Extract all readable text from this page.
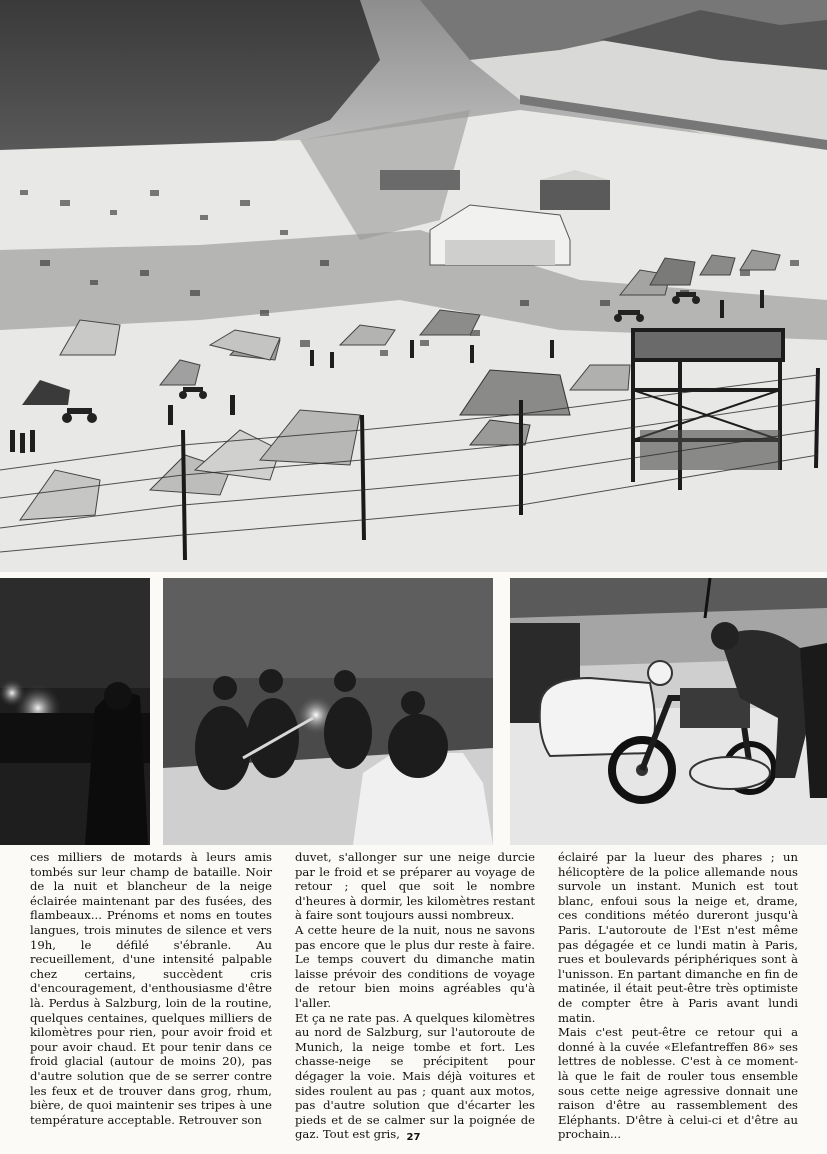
ces milliers de motards à leurs amis tombés sur leur champ de bataille. Noir de la nuit et blancheur de la neige éclairée maintenant par des fusées, des flambeaux... Prénoms et noms en toutes langues, trois minutes de silence et vers 19h, le défilé s'ébranle. Au recueillement, d'une intensité palpable chez certains, succèdent cris d'encouragement, d'enthousiasme d'être là. Perdus à Salzburg, loin de la routine, quelques centaines, quelques milliers de kilomètres pour rien, pour avoir froid et pour avoir chaud. Et pour tenir dans ce froid glacial (autour de moins 20), pas d'autre solution que de se serrer contre les feux et de trouver dans grog, rhum, bière, de quoi maintenir ses tripes à une température acceptable. Retrouver son

duvet, s'allonger sur une neige durcie par le froid et se préparer au voyage de retour ; quel que soit le nombre d'heures à dormir, les kilomètres restant à faire sont toujours aussi nombreux.

A cette heure de la nuit, nous ne savons pas encore que le plus dur reste à faire. Le temps couvert du dimanche matin laisse prévoir des conditions de voyage de retour bien moins agréables qu'à l'aller.

Et ça ne rate pas. A quelques kilomètres au nord de Salzburg, sur l'autoroute de Munich, la neige tombe et fort. Les chasse-neige se précipitent pour dégager la voie. Mais déjà voitures et sides roulent au pas ; quant aux motos, pas d'autre solution que d'écarter les pieds et de se calmer sur la poignée de gaz. Tout est gris,

éclairé par la lueur des phares ; un hélicoptère de la police allemande nous survole un instant. Munich est tout blanc, enfoui sous la neige et, drame, ces conditions météo dureront jusqu'à Paris. L'autoroute de l'Est n'est même pas dégagée et ce lundi matin à Paris, rues et boulevards périphériques sont à l'unisson. En partant dimanche en fin de matinée, il était peut-être très optimiste de compter être à Paris avant lundi matin.

Mais c'est peut-être ce retour qui a donné à la cuvée «Elefantreffen 86» ses lettres de noblesse. C'est à ce moment-là que le fait de rouler tous ensemble sous cette neige agressive donnait une raison d'être au rassemblement des Eléphants. D'être à celui-ci et d'être au prochain...

27
